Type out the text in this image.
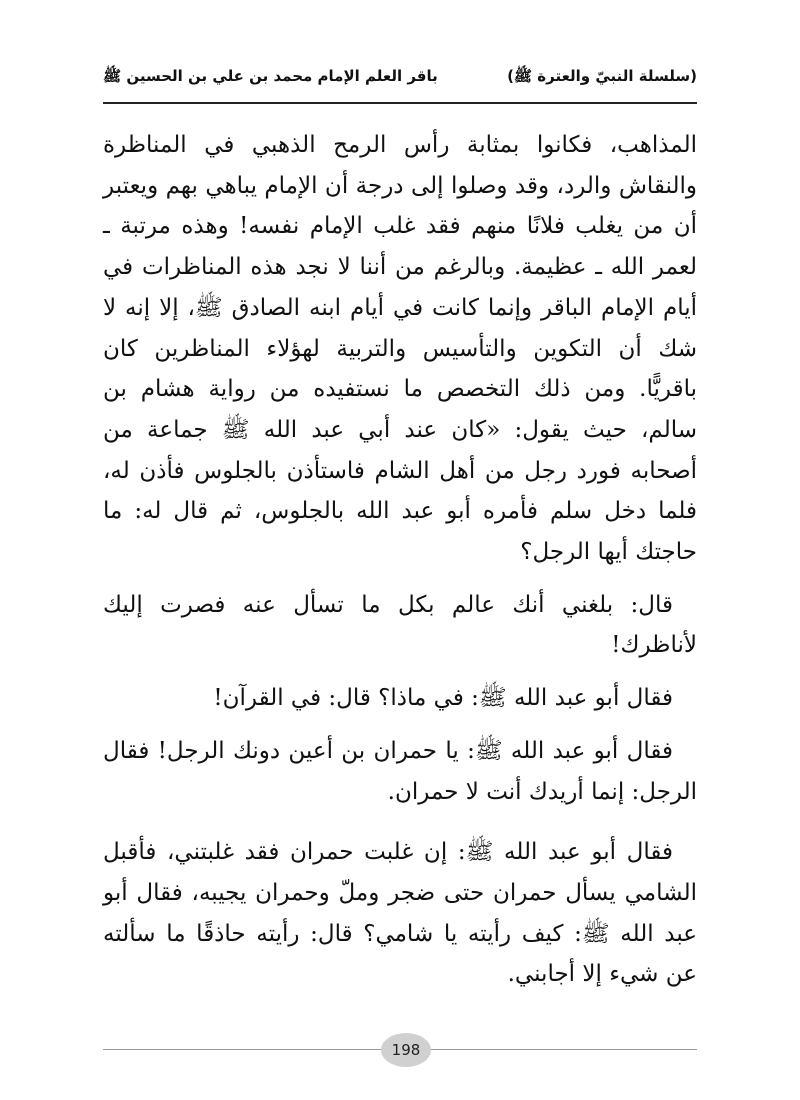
(سلسلة النبيّ والعترة ﷺ)
باقر العلم الإمام محمد بن علي بن الحسين ﷺ

المذاهب، فكانوا بمثابة رأس الرمح الذهبي في المناظرة والنقاش والرد، وقد وصلوا إلى درجة أن الإمام يباهي بهم ويعتبر أن من يغلب فلانًا منهم فقد غلب الإمام نفسه! وهذه مرتبة ـ لعمر الله ـ عظيمة. وبالرغم من أننا لا نجد هذه المناظرات في أيام الإمام الباقر وإنما كانت في أيام ابنه الصادق ﷺ، إلا إنه لا شك أن التكوين والتأسيس والتربية لهؤلاء المناظرين كان باقريًّا. ومن ذلك التخصص ما نستفيده من رواية هشام بن سالم، حيث يقول: «كان عند أبي عبد الله ﷺ جماعة من أصحابه فورد رجل من أهل الشام فاستأذن بالجلوس فأذن له، فلما دخل سلم فأمره أبو عبد الله بالجلوس، ثم قال له: ما حاجتك أيها الرجل؟

قال: بلغني أنك عالم بكل ما تسأل عنه فصرت إليك لأناظرك!

فقال أبو عبد الله ﷺ: في ماذا؟ قال: في القرآن!

فقال أبو عبد الله ﷺ: يا حمران بن أعين دونك الرجل! فقال الرجل: إنما أريدك أنت لا حمران.

فقال أبو عبد الله ﷺ: إن غلبت حمران فقد غلبتني، فأقبل الشامي يسأل حمران حتى ضجر وملّ وحمران يجيبه، فقال أبو عبد الله ﷺ: كيف رأيته يا شامي؟ قال: رأيته حاذقًا ما سألته عن شيء إلا أجابني.

198
